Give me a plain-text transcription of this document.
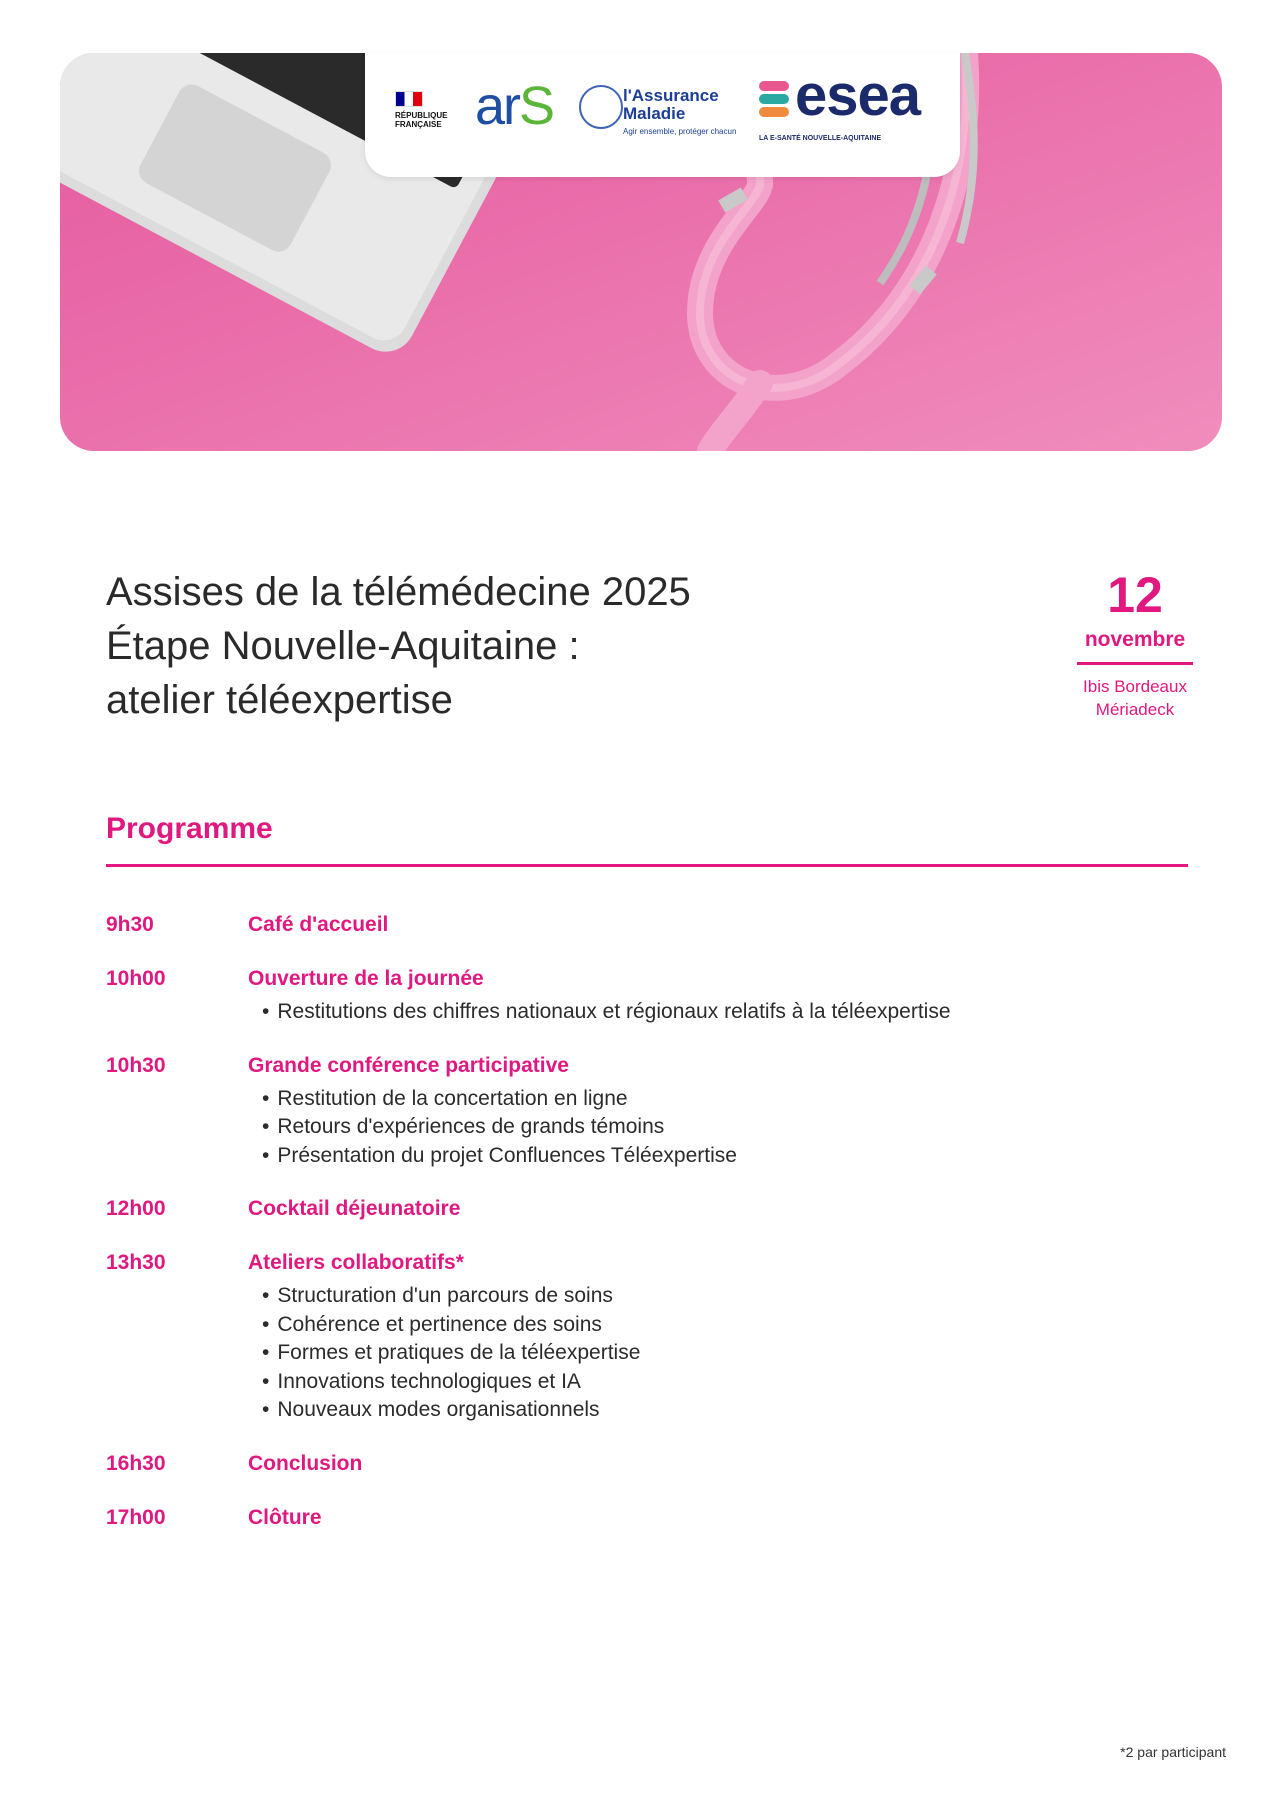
RÉPUBLIQUE FRANÇAISE arS	l'Assurance
Maladie
Agir ensemble, protéger chacun
esea
LA E-SANTÉ NOUVELLE-AQUITAINE
Assises de la télémédecine 2025
Étape Nouvelle-Aquitaine :
atelier téléexpertise
12
novembre
Ibis Bordeaux
Mériadeck
Programme
9h30	Café d'accueil
10h00	Ouverture de la journée
• Restitutions des chiffres nationaux et régionaux relatifs à la téléexpertise
10h30	Grande conférence participative
• Restitution de la concertation en ligne
• Retours d'expériences de grands témoins
• Présentation du projet Confluences Téléexpertise
12h00	Cocktail déjeunatoire
13h30	Ateliers collaboratifs*
• Structuration d'un parcours de soins
• Cohérence et pertinence des soins
• Formes et pratiques de la téléexpertise
• Innovations technologiques et IA
• Nouveaux modes organisationnels
16h30	Conclusion
17h00	Clôture
*2 par participant
